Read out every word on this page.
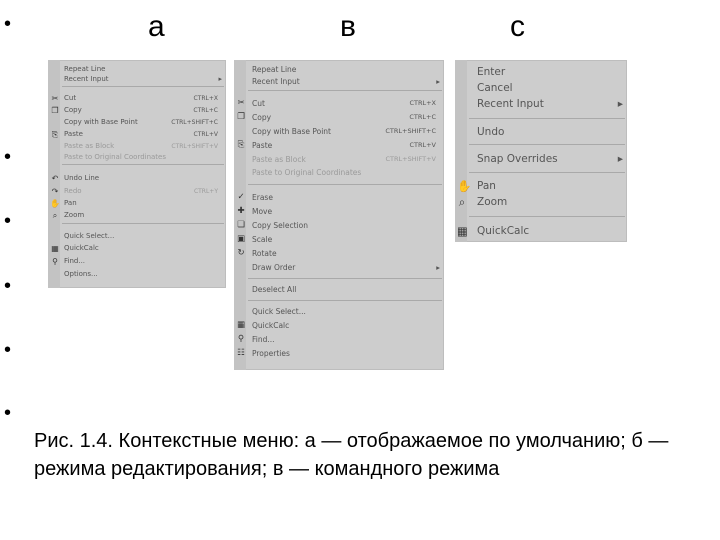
•
•
•
•
•
•
а	в	с
Repeat Line
Recent Input	▸
✂ Cut	CTRL+X
❐ Copy	CTRL+C
Copy with Base Point	CTRL+SHIFT+C
⎘ Paste	CTRL+V
Paste as Block	CTRL+SHIFT+V
Paste to Original Coordinates
↶ Undo Line
↷ Redo	CTRL+Y
✋ Pan
⌕ Zoom
Quick Select...
▦ QuickCalc
⚲ Find...
Options...
Repeat Line
Recent Input	▸
✂ Cut	CTRL+X
❐ Copy	CTRL+C
Copy with Base Point	CTRL+SHIFT+C
⎘ Paste	CTRL+V
Paste as Block	CTRL+SHIFT+V
Paste to Original Coordinates
✓ Erase
✚ Move
❏ Copy Selection
▣ Scale
↻ Rotate
Draw Order	▸
Deselect All
Quick Select...
▦ QuickCalc
⚲ Find...
☷ Properties
Enter
Cancel
Recent Input	▸
Undo
Snap Overrides	▸
✋ Pan
⌕ Zoom
▦ QuickCalc
Рис. 1.4. Контекстные меню: а — отображаемое по умолчанию; б — режима редактирования; в — командного режима
